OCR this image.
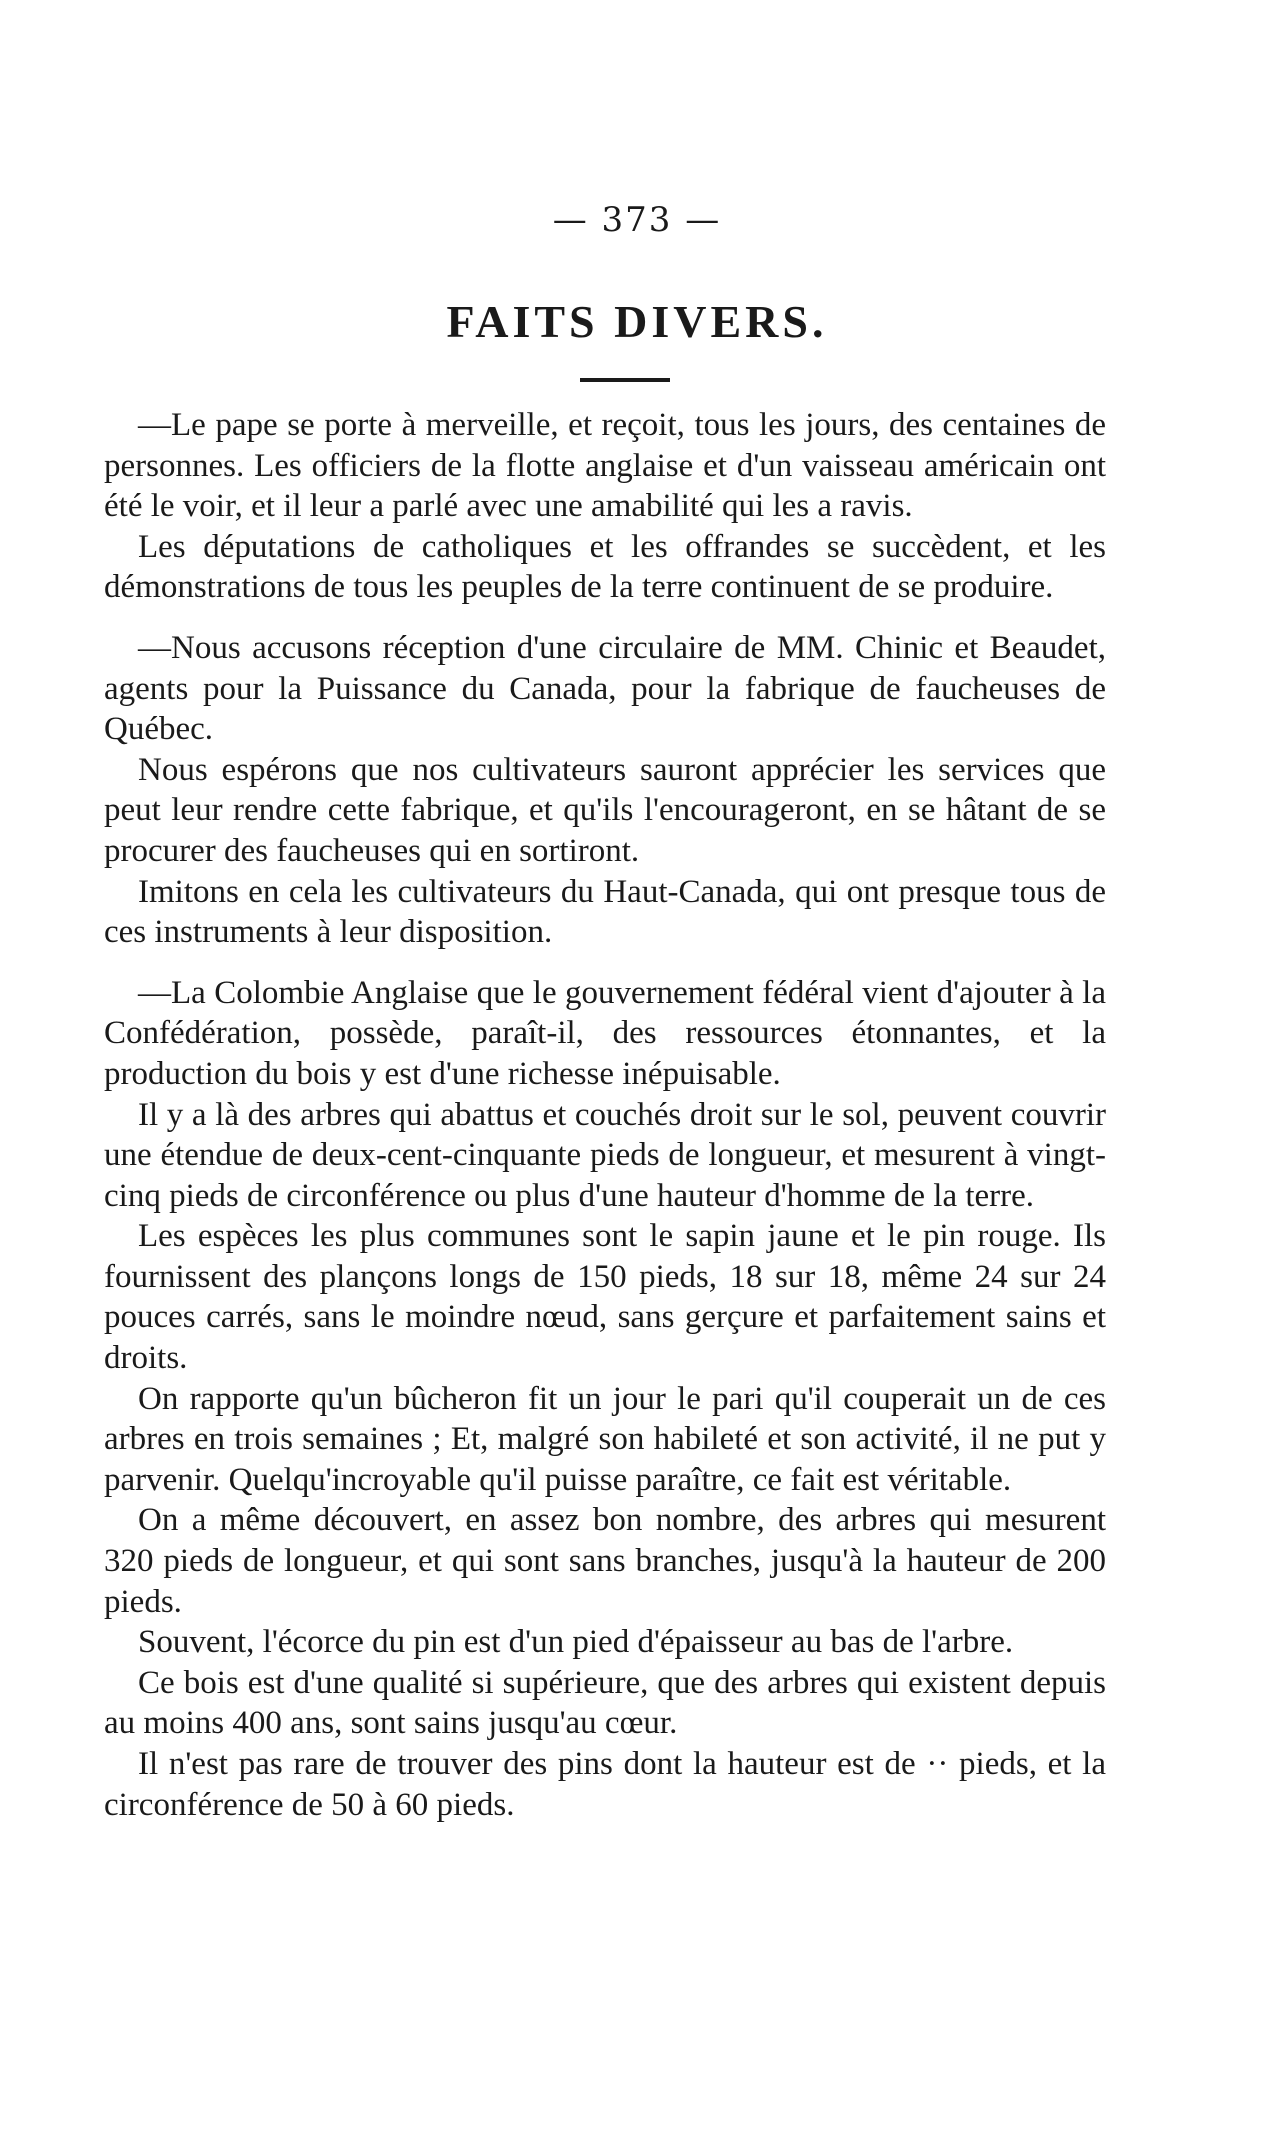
— 373 —
FAITS DIVERS.

—Le pape se porte à merveille, et reçoit, tous les jours, des centaines de personnes. Les officiers de la flotte anglaise et d'un vaisseau américain ont été le voir, et il leur a parlé avec une amabilité qui les a ravis.

Les députations de catholiques et les offrandes se succèdent, et les démonstrations de tous les peuples de la terre continuent de se produire.

—Nous accusons réception d'une circulaire de MM. Chinic et Beaudet, agents pour la Puissance du Canada, pour la fabrique de faucheuses de Québec.

Nous espérons que nos cultivateurs sauront apprécier les services que peut leur rendre cette fabrique, et qu'ils l'encourageront, en se hâtant de se procurer des faucheuses qui en sortiront.

Imitons en cela les cultivateurs du Haut-Canada, qui ont presque tous de ces instruments à leur disposition.

—La Colombie Anglaise que le gouvernement fédéral vient d'ajouter à la Confédération, possède, paraît-il, des ressources étonnantes, et la production du bois y est d'une richesse inépuisable.

Il y a là des arbres qui abattus et couchés droit sur le sol, peuvent couvrir une étendue de deux-cent-cinquante pieds de longueur, et mesurent à vingt-cinq pieds de circonférence ou plus d'une hauteur d'homme de la terre.

Les espèces les plus communes sont le sapin jaune et le pin rouge. Ils fournissent des plançons longs de 150 pieds, 18 sur 18, même 24 sur 24 pouces carrés, sans le moindre nœud, sans gerçure et parfaitement sains et droits.

On rapporte qu'un bûcheron fit un jour le pari qu'il couperait un de ces arbres en trois semaines ; Et, malgré son habileté et son activité, il ne put y parvenir. Quelqu'incroyable qu'il puisse paraître, ce fait est véritable.

On a même découvert, en assez bon nombre, des arbres qui mesurent 320 pieds de longueur, et qui sont sans branches, jusqu'à la hauteur de 200 pieds.

Souvent, l'écorce du pin est d'un pied d'épaisseur au bas de l'arbre.

Ce bois est d'une qualité si supérieure, que des arbres qui existent depuis au moins 400 ans, sont sains jusqu'au cœur.

Il n'est pas rare de trouver des pins dont la hauteur est de ·· pieds, et la circonférence de 50 à 60 pieds.
